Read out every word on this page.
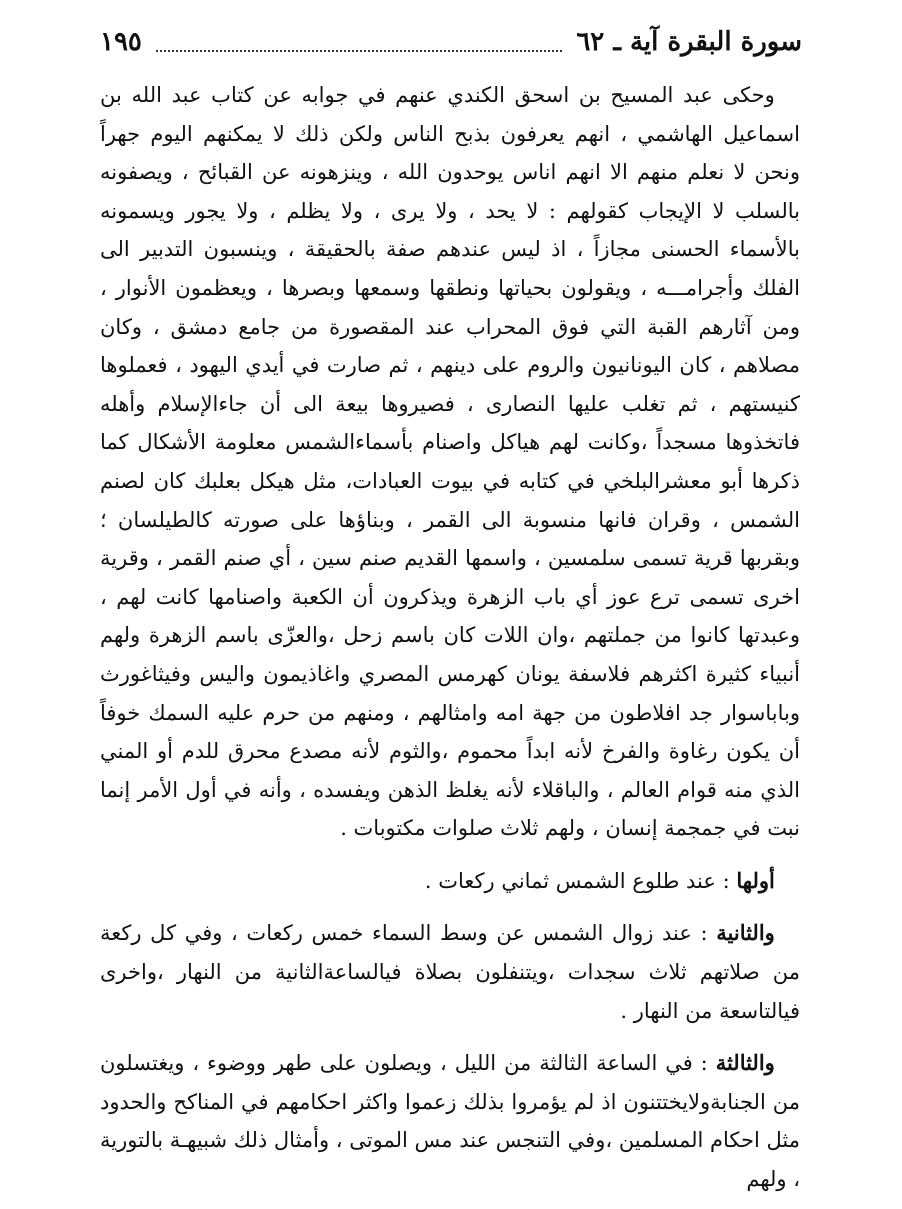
سورة البقرة آية ـ ٦٢
١٩٥

وحكى عبد المسيح بن اسحق الكندي عنهم في جوابه عن كتاب عبد الله بن اسماعيل الهاشمي ، انهم يعرفون بذبح الناس ولكن ذلك لا يمكنهم اليوم جهراً ونحن لا نعلم منهم الا انهم اناس يوحدون الله ، وينزهونه عن القبائح ، ويصفونه بالسلب لا الإيجاب كقولهم : لا يحد ، ولا يرى ، ولا يظلم ، ولا يجور ويسمونه بالأسماء الحسنى مجازاً ، اذ ليس عندهم صفة بالحقيقة ، وينسبون التدبير الى الفلك وأجرامـــه ، ويقولون بحياتها ونطقها وسمعها وبصرها ، ويعظمون الأنوار ، ومن آثارهم القبة التي فوق المحراب عند المقصورة من جامع دمشق ، وكان مصلاهم ، كان اليونانيون والروم على دينهم ، ثم صارت في أيدي اليهود ، فعملوها كنيستهم ، ثم تغلب عليها النصارى ، فصيروها بيعة الى أن جاءالإسلام وأهله فاتخذوها مسجداً ،وكانت لهم هياكل واصنام بأسماءالشمس معلومة الأشكال كما ذكرها أبو معشرالبلخي في كتابه في بيوت العبادات، مثل هيكل بعلبك كان لصنم الشمس ، وقران فانها منسوبة الى القمر ، وبناؤها على صورته كالطيلسان ؛ وبقربها قرية تسمى سلمسين ، واسمها القديم صنم سين ، أي صنم القمر ، وقرية اخرى تسمى ترع عوز أي باب الزهرة ويذكرون أن الكعبة واصنامها كانت لهم ، وعبدتها كانوا من جملتهم ،وان اللات كان باسم زحل ،والعزّى باسم الزهرة ولهم أنبياء كثيرة اكثرهم فلاسفة يونان كهرمس المصري واغاذيمون واليس وفيثاغورث وباباسوار جد افلاطون من جهة امه وامثالهم ، ومنهم من حرم عليه السمك خوفاً أن يكون رغاوة والفرخ لأنه ابداً محموم ،والثوم لأنه مصدع محرق للدم أو المني الذي منه قوام العالم ، والباقلاء لأنه يغلظ الذهن ويفسده ، وأنه في أول الأمر إنما نبت في جمجمة إنسان ، ولهم ثلاث صلوات مكتوبات .

أولها : عند طلوع الشمس ثماني ركعات .

والثانية : عند زوال الشمس عن وسط السماء خمس ركعات ، وفي كل ركعة من صلاتهم ثلاث سجدات ،ويتنفلون بصلاة فيالساعةالثانية من النهار ،واخرى فيالتاسعة من النهار .

والثالثة : في الساعة الثالثة من الليل ، ويصلون على طهر ووضوء ، ويغتسلون من الجنابةولايختتنون اذ لم يؤمروا بذلك زعموا واكثر احكامهم في المناكح والحدود مثل احكام المسلمين ،وفي التنجس عند مس الموتى ، وأمثال ذلك شبيهـة بالتورية ، ولهم
